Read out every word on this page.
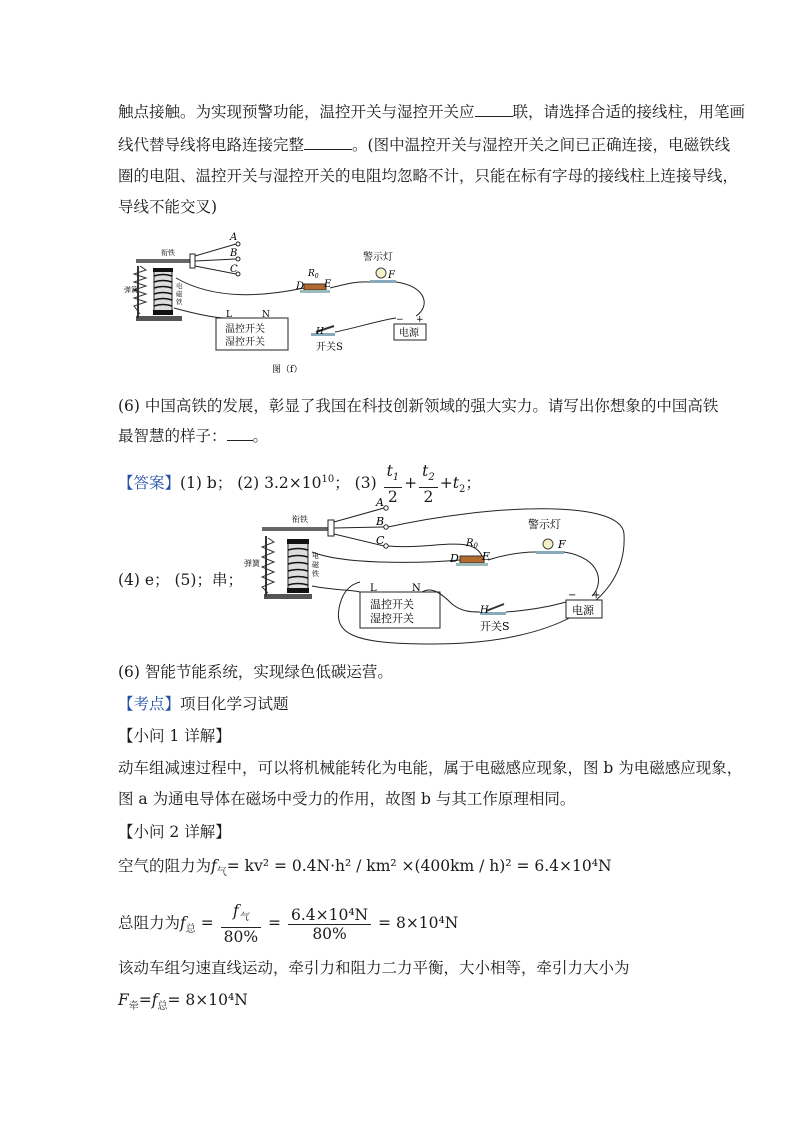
触点接触。为实现预警功能，温控开关与湿控开关应 联，请选择合适的接线柱，用笔画
线代替导线将电路连接完整	。(图中温控开关与湿控开关之间已正确连接，电磁铁线
圈的电阻、温控开关与湿控开关的电阻均忽略不计，只能在标有字母的接线柱上连接导线，
导线不能交叉)
衔铁
弹簧	电
磁
铁
A
B
C	$R_0$
D E
警示灯
F
温控开关
湿控开关
L	N
H
开关S
电源
− +
图（f）
(6) 中国高铁的发展，彰显了我国在科技创新领域的强大实力。请写出你想象的中国高铁
最智慧的样子： 。
【答案】(1) b； (2) $3.2\times 10^{10}$； $(3) \frac{t_1}{2} + \frac{t_2}{2} +t_2$；
(4) e； (5)；串；
衔铁
弹簧
电
磁
铁
A
B
C	$R_0$
D E
警示灯
F
温控开关
湿控开关
L	N
H
开关S
电源
− +
(6) 智能节能系统，实现绿色低碳运营。
【考点】项目化学习试题
【小问 1 详解】
动车组减速过程中，可以将机械能转化为电能，属于电磁感应现象，图 b 为电磁感应现象，
图 a 为通电导体在磁场中受力的作用，故图 b 与其工作原理相同。
【小问 2 详解】
空气的阻力为$f_气= kv^2 = 0.4N\cdot h^2 / km^2 \times(400km / h)^2 = 6.4\times 10^4N$
总阻力为$f_总 = \frac{f_气}{80\%} = \frac{\text{6.4×10⁴N}}{80\%} = 8\times 10^4N$
该动车组匀速直线运动，牵引力和阻力二力平衡，大小相等，牵引力大小为
$F_牵=f_总= 8\times 10^4N$
